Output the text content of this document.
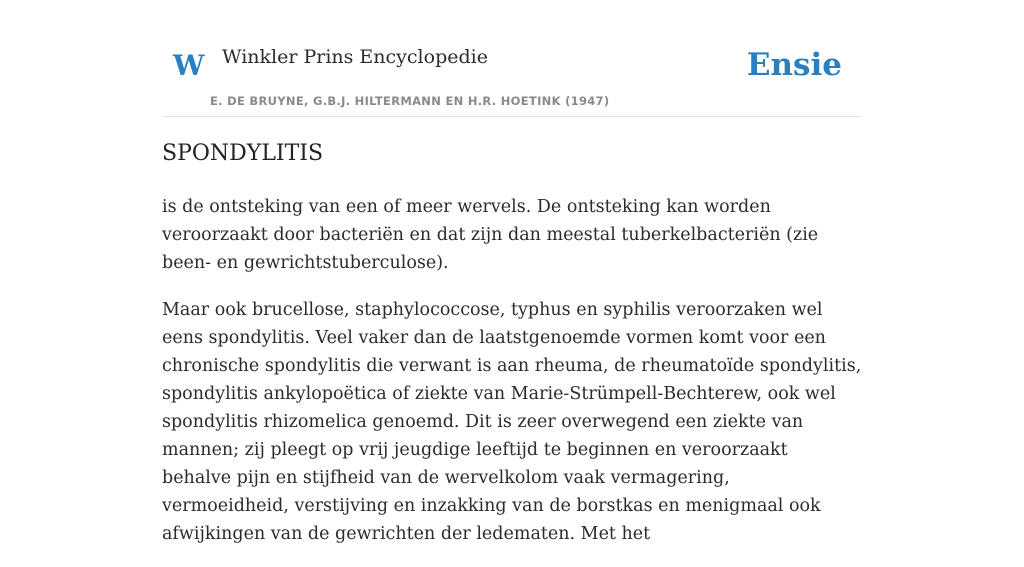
W Winkler Prins Encyclopedie
E. DE BRUYNE, G.B.J. HILTERMANN EN H.R. HOETINK (1947)
Ensie
SPONDYLITIS

is de ontsteking van een of meer wervels. De ontsteking kan worden veroorzaakt door bacteriën en dat zijn dan meestal tuberkelbacteriën (zie been- en gewrichtstuberculose).

Maar ook brucellose, staphylococcose, typhus en syphilis veroorzaken wel eens spondylitis. Veel vaker dan de laatstgenoemde vormen komt voor een chronische spondylitis die verwant is aan rheuma, de rheumatoïde spondylitis, spondylitis ankylopoëtica of ziekte van Marie-Strümpell-Bechterew, ook wel spondylitis rhizomelica genoemd. Dit is zeer overwegend een ziekte van mannen; zij pleegt op vrij jeugdige leeftijd te beginnen en veroorzaakt behalve pijn en stijfheid van de wervelkolom vaak vermagering, vermoeidheid, verstijving en inzakking van de borstkas en menigmaal ook afwijkingen van de gewrichten der ledematen. Met het
